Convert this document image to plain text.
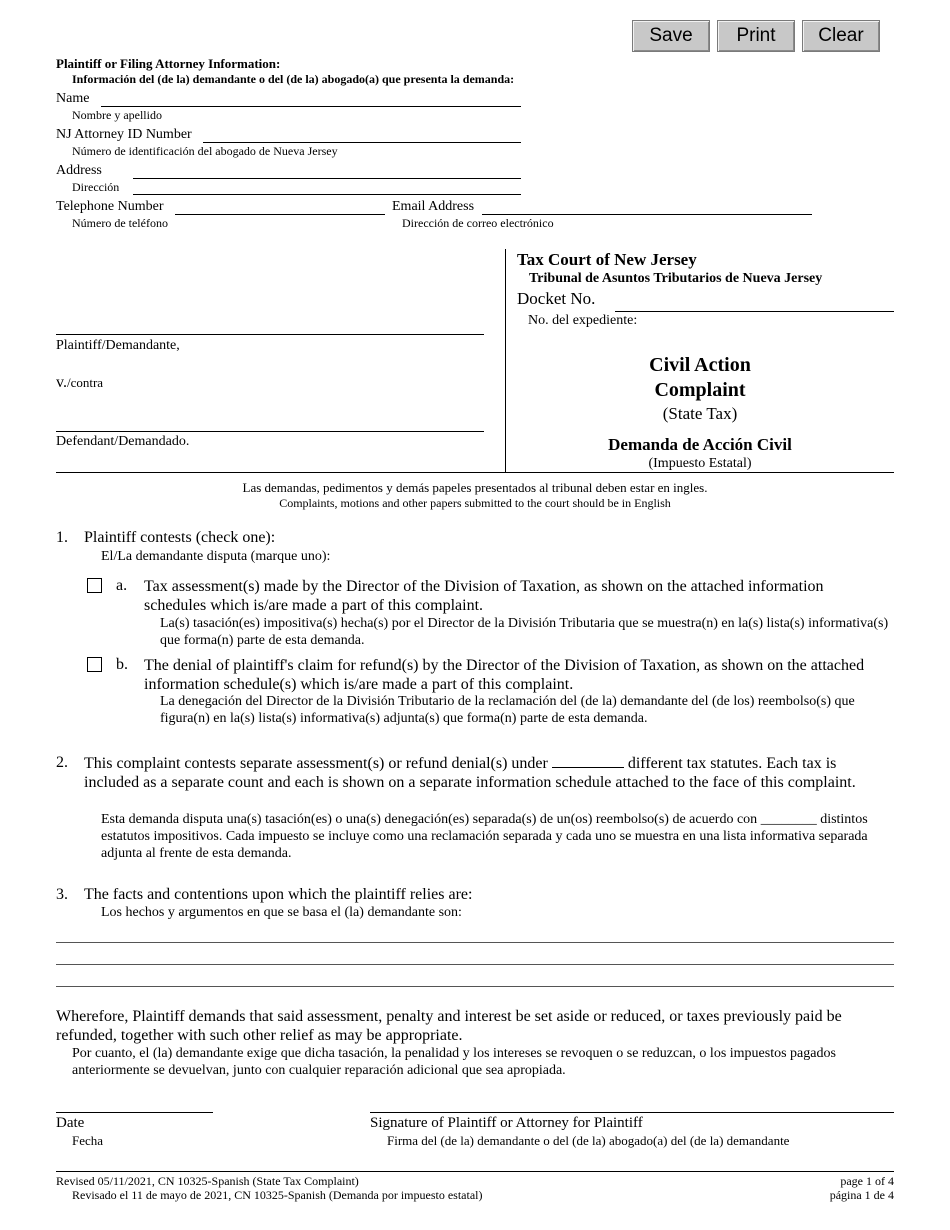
Save	Print	Clear
Plaintiff or Filing Attorney Information:
Información del (de la) demandante o del (de la) abogado(a) que presenta la demanda:
Name
Nombre y apellido
NJ Attorney ID Number
Número de identificación del abogado de Nueva Jersey
Address
Dirección
Telephone Number
Número de teléfono
Email Address
Dirección de correo electrónico
Plaintiff/Demandante,
v./contra
Defendant/Demandado.
Tax Court of New Jersey
Tribunal de Asuntos Tributarios de Nueva Jersey
Docket No.
No. del expediente:
Civil Action
Complaint
(State Tax)
Demanda de Acción Civil
(Impuesto Estatal)
Las demandas, pedimentos y demás papeles presentados al tribunal deben estar en ingles.
Complaints, motions and other papers submitted to the court should be in English
1. Plaintiff contests (check one):
El/La demandante disputa (marque uno):
a. Tax assessment(s) made by the Director of the Division of Taxation, as shown on the attached information schedules which is/are made a part of this complaint.
La(s) tasación(es) impositiva(s) hecha(s) por el Director de la División Tributaria que se muestra(n) en la(s) lista(s) informativa(s) que forma(n) parte de esta demanda.
b. The denial of plaintiff's claim for refund(s) by the Director of the Division of Taxation, as shown on the attached information schedule(s) which is/are made a part of this complaint.
La denegación del Director de la División Tributario de la reclamación del (de la) demandante del (de los) reembolso(s) que figura(n) en la(s) lista(s) informativa(s) adjunta(s) que forma(n) parte de esta demanda.
2. This complaint contests separate assessment(s) or refund denial(s) under	different tax statutes. Each tax is included as a separate count and each is shown on a separate information schedule attached to the face of this complaint.
Esta demanda disputa una(s) tasación(es) o una(s) denegación(es) separada(s) de un(os) reembolso(s) de acuerdo con ________ distintos estatutos impositivos. Cada impuesto se incluye como una reclamación separada y cada uno se muestra en una lista informativa separada adjunta al frente de esta demanda.
3. The facts and contentions upon which the plaintiff relies are:
Los hechos y argumentos en que se basa el (la) demandante son:
Wherefore, Plaintiff demands that said assessment, penalty and interest be set aside or reduced, or taxes previously paid be refunded, together with such other relief as may be appropriate.
Por cuanto, el (la) demandante exige que dicha tasación, la penalidad y los intereses se revoquen o se reduzcan, o los impuestos pagados anteriormente se devuelvan, junto con cualquier reparación adicional que sea apropiada.
Date
Fecha
Signature of Plaintiff or Attorney for Plaintiff
Firma del (de la) demandante o del (de la) abogado(a) del (de la) demandante
Revised 05/11/2021, CN 10325-Spanish (State Tax Complaint)
Revisado el 11 de mayo de 2021, CN 10325-Spanish (Demanda por impuesto estatal)
page 1 of 4
página 1 de 4
